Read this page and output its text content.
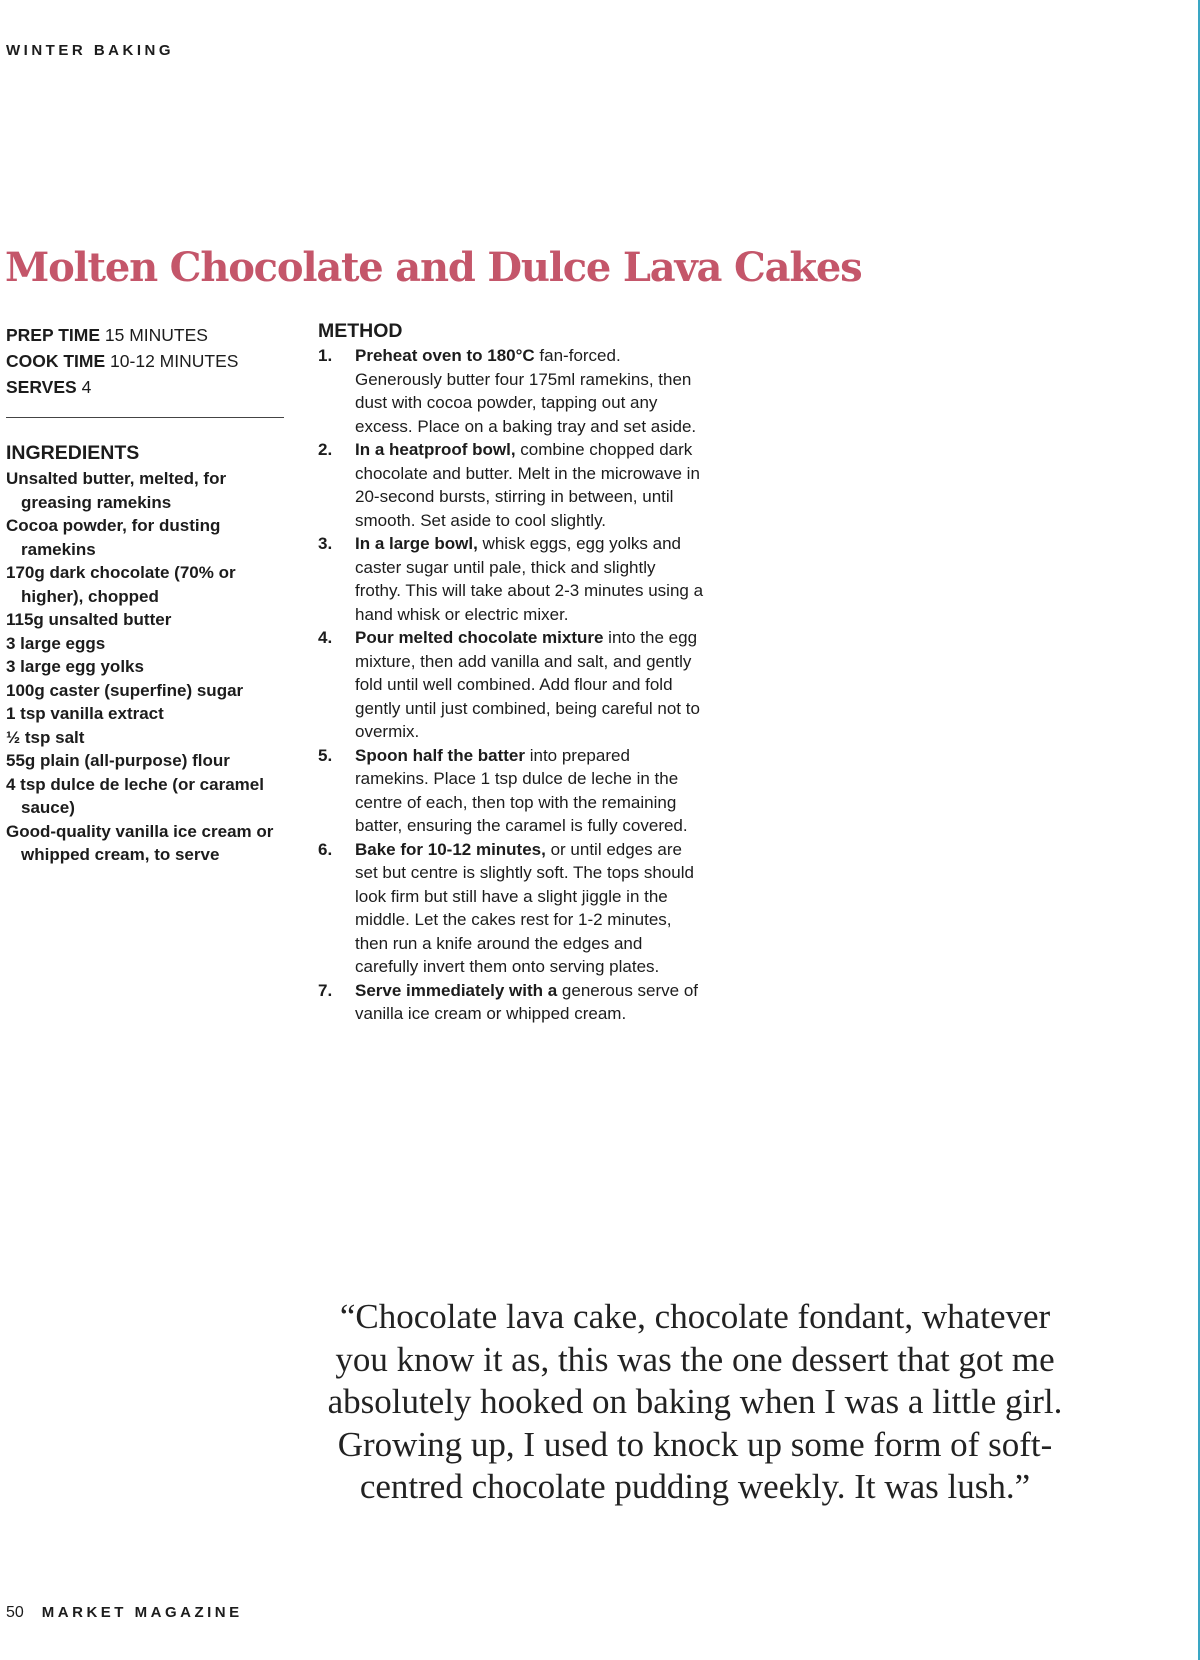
WINTER BAKING
Molten Chocolate and Dulce Lava Cakes
PREP TIME 15 MINUTES
COOK TIME 10-12 MINUTES
SERVES 4
INGREDIENTS
Unsalted butter, melted, for greasing ramekins
Cocoa powder, for dusting ramekins
170g dark chocolate (70% or higher), chopped
115g unsalted butter
3 large eggs
3 large egg yolks
100g caster (superfine) sugar
1 tsp vanilla extract
½ tsp salt
55g plain (all-purpose) flour
4 tsp dulce de leche (or caramel sauce)
Good-quality vanilla ice cream or whipped cream, to serve
METHOD
1.	Preheat oven to 180°C fan-forced. Generously butter four 175ml ramekins, then dust with cocoa powder, tapping out any excess. Place on a baking tray and set aside.
2.	In a heatproof bowl, combine chopped dark chocolate and butter. Melt in the microwave in 20-second bursts, stirring in between, until smooth. Set aside to cool slightly.
3.	In a large bowl, whisk eggs, egg yolks and caster sugar until pale, thick and slightly frothy. This will take about 2-3 minutes using a hand whisk or electric mixer.
4.	Pour melted chocolate mixture into the egg mixture, then add vanilla and salt, and gently fold until well combined. Add flour and fold gently until just combined, being careful not to overmix.
5.	Spoon half the batter into prepared ramekins. Place 1 tsp dulce de leche in the centre of each, then top with the remaining batter, ensuring the caramel is fully covered.
6.	Bake for 10-12 minutes, or until edges are set but centre is slightly soft. The tops should look firm but still have a slight jiggle in the middle. Let the cakes rest for 1-2 minutes, then run a knife around the edges and carefully invert them onto serving plates.
7.	Serve immediately with a generous serve of vanilla ice cream or whipped cream.
“Chocolate lava cake, chocolate fondant, whatever you know it as, this was the one dessert that got me absolutely hooked on baking when I was a little girl. Growing up, I used to knock up some form of soft-centred chocolate pudding weekly. It was lush.”
50 MARKET MAGAZINE
